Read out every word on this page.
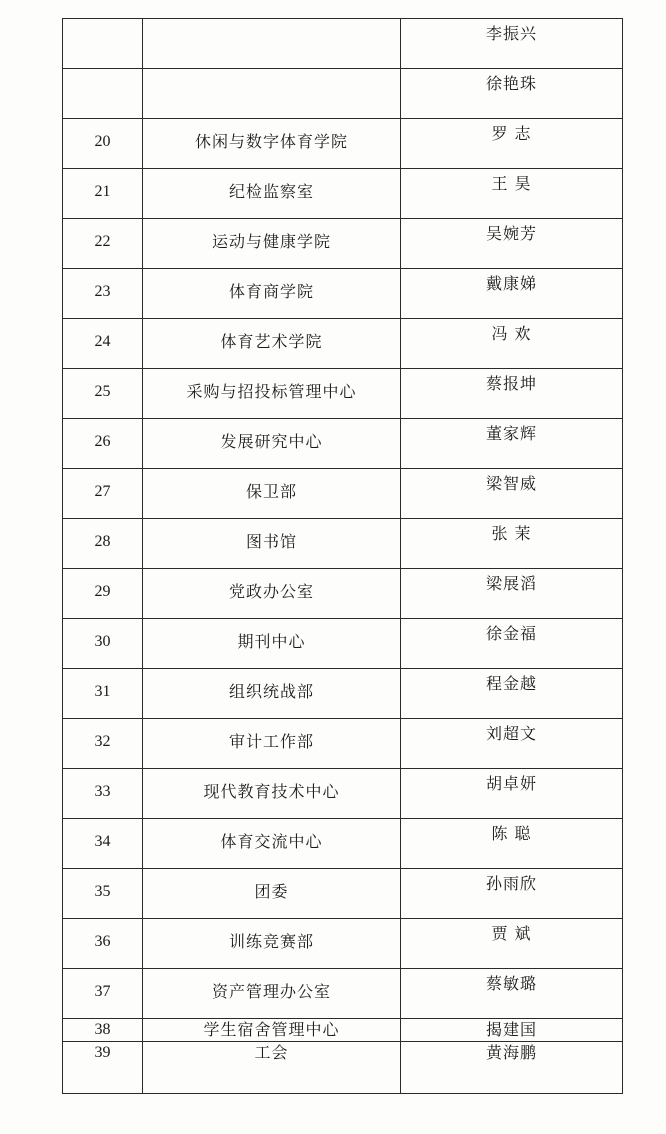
		李振兴

		徐艳珠

20	休闲与数字体育学院	罗 志

21	纪检监察室	王 昊

22	运动与健康学院	吴婉芳

23	体育商学院	戴康娣

24	体育艺术学院	冯 欢

25	采购与招投标管理中心	蔡报坤

26	发展研究中心	董家辉

27	保卫部	梁智威

28	图书馆	张 茉

29	党政办公室	梁展滔

30	期刊中心	徐金福

31	组织统战部	程金越

32	审计工作部	刘超文

33	现代教育技术中心	胡卓妍

34	体育交流中心	陈 聪

35	团委	孙雨欣

36	训练竞赛部	贾 斌

37	资产管理办公室	蔡敏璐

38	学生宿舍管理中心	揭建国

39	工会	黄海鹏
